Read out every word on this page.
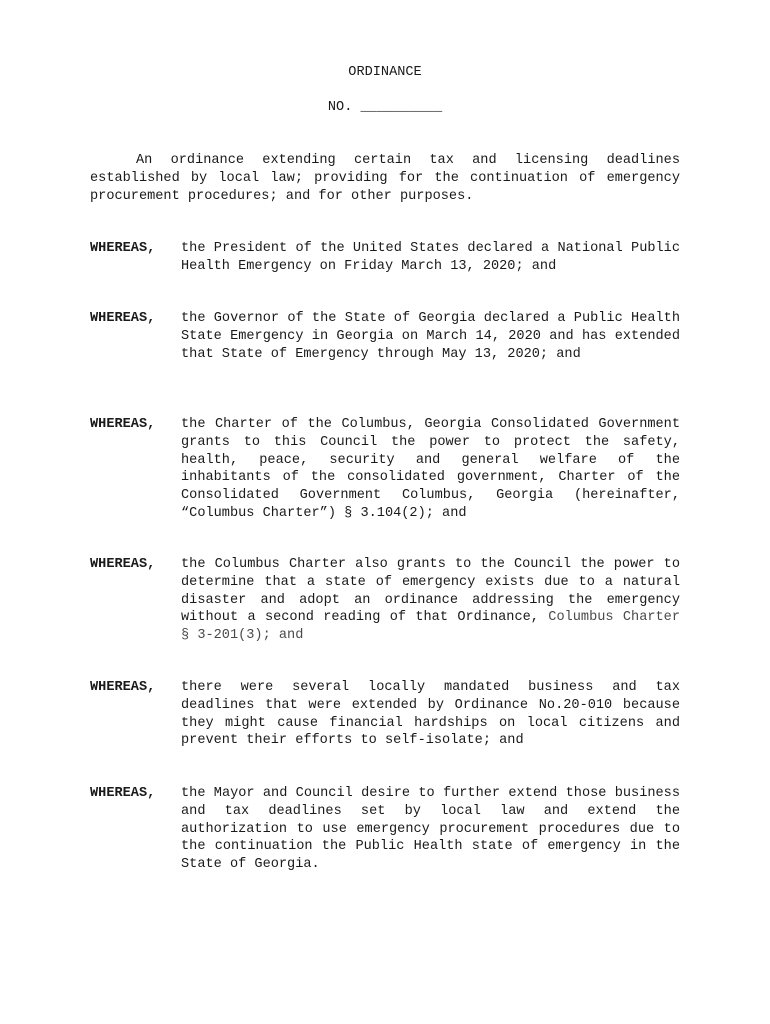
ORDINANCE
NO. __________
An ordinance extending certain tax and licensing deadlines established by local law; providing for the continuation of emergency procurement procedures; and for other purposes.
WHEREAS, the President of the United States declared a National Public Health Emergency on Friday March 13, 2020; and
WHEREAS, the Governor of the State of Georgia declared a Public Health State Emergency in Georgia on March 14, 2020 and has extended that State of Emergency through May 13, 2020; and
WHEREAS, the Charter of the Columbus, Georgia Consolidated Government grants to this Council the power to protect the safety, health, peace, security and general welfare of the inhabitants of the consolidated government, Charter of the Consolidated Government Columbus, Georgia (hereinafter, “Columbus Charter”) § 3.104(2); and
WHEREAS, the Columbus Charter also grants to the Council the power to determine that a state of emergency exists due to a natural disaster and adopt an ordinance addressing the emergency without a second reading of that Ordinance, Columbus Charter § 3-201(3); and
WHEREAS, there were several locally mandated business and tax deadlines that were extended by Ordinance No.20-010 because they might cause financial hardships on local citizens and prevent their efforts to self-isolate; and
WHEREAS, the Mayor and Council desire to further extend those business and tax deadlines set by local law and extend the authorization to use emergency procurement procedures due to the continuation the Public Health state of emergency in the State of Georgia.
